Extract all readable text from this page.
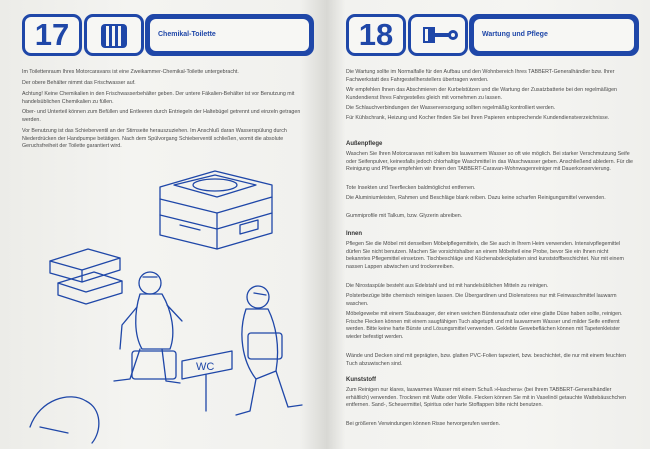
17	Chemikal-Toilette

Im Toilettenraum Ihres Motorcaravans ist eine Zweikammer-Chemikal-Toilette untergebracht.

Der obere Behälter nimmt das Frischwasser auf.

Achtung! Keine Chemikalien in den Frischwasserbehälter geben. Der untere Fäkalien-Behälter ist vor Benutzung mit handelsüblichen Chemikalien zu füllen.

Ober- und Unterteil können zum Befüllen und Entleeren durch Entriegeln der Haltebügel getrennt und einzeln getragen werden.

Vor Benutzung ist das Schieberventil an der Stirnseite herauszuziehen. Im Anschluß daran Wasserspülung durch Niederdrücken der Handpumpe betätigen. Nach dem Spülvorgang Schieberventil schließen, womit die absolute Geruchsfreiheit der Toilette garantiert wird.

WC
18	Wartung und Pflege

Die Wartung sollte im Normalfalle für den Aufbau und den Wohnbereich Ihres TABBERT-Generalhändler bzw. Ihrer Fachwerkstatt des Fahrgestellherstellers übertragen werden.

Wir empfehlen Ihnen das Abschmieren der Kurbelstützen und die Wartung der Zusatzbatterie bei den regelmäßigen Kundendienst Ihres Fahrgestelles gleich mit vornehmen zu lassen.

Die Schlauchverbindungen der Wasserversorgung sollten regelmäßig kontrolliert werden.

Für Kühlschrank, Heizung und Kocher finden Sie bei Ihren Papieren entsprechende Kundendienstverzeichnisse.

Außenpflege

Waschen Sie Ihren Motorcaravan mit kaltem bis lauwarmem Wasser so oft wie möglich. Bei starker Verschmutzung Seife oder Seifenpulver, keinesfalls jedoch chlorhaltige Waschmittel in das Waschwasser geben. Anschließend abledern. Für die Reinigung und Pflege empfehlen wir Ihnen den TABBERT-Caravan-Wohnwagenreiniger mit Dauerkonservierung.

Tote Insekten und Teerflecken baldmöglichst entfernen.

Die Aluminiumleisten, Rahmen und Beschläge blank reiben. Dazu keine scharfen Reinigungsmittel verwenden.

Gummiprofile mit Talkum, bzw. Glyzerin abreiben.

Innen

Pflegen Sie die Möbel mit denselben Möbelpflegemitteln, die Sie auch in Ihrem Heim verwenden. Intensivpflegemittel dürfen Sie nicht benutzen. Machen Sie vorsichtshalber an einem Möbelteil eine Probe, bevor Sie ein Ihnen nicht bekanntes Pflegemittel einsetzen. Tischbeschläge und Küchenabdeckplatten sind kunststoffbeschichtet. Nur mit einem nassen Lappen abwischen und trockenreiben.

Die Nirostaspüle besteht aus Edelstahl und ist mit handelsüblichen Mitteln zu reinigen.

Polsterbezüge bitte chemisch reinigen lassen. Die Übergardinen und Diolenstores nur mit Feinwaschmittel lauwarm waschen.

Möbelgewebe mit einem Staubsauger, der einen weichen Bürstenaufsatz oder eine glatte Düse haben sollte, reinigen. Frische Flecken können mit einem saugfähigen Tuch abgetupft und mit lauwarmem Wasser und milder Seife entfernt werden. Bitte keine harte Bürste und Lösungsmittel verwenden. Geklebte Gewebeflächen können mit Tapetenkleister wieder befestigt werden.

Wände und Decken sind mit geprägten, bzw. glatten PVC-Folien tapeziert, bzw. beschichtet, die nur mit einem feuchten Tuch abzuwischen sind.

Kunststoff

Zum Reinigen nur klares, lauwarmes Wasser mit einem Schuß »Haschera« (bei Ihrem TABBERT-Generalhändler erhältlich) verwenden. Trocknen mit Watte oder Wolle. Flecken können Sie mit in Vaselinöl getauchte Wattebäuschchen entfernen. Sand-, Scheuermittel, Spiritus oder harte Stoffappen bitte nicht benutzen.

Bei größeren Verwindungen können Risse hervorgerufen werden.
